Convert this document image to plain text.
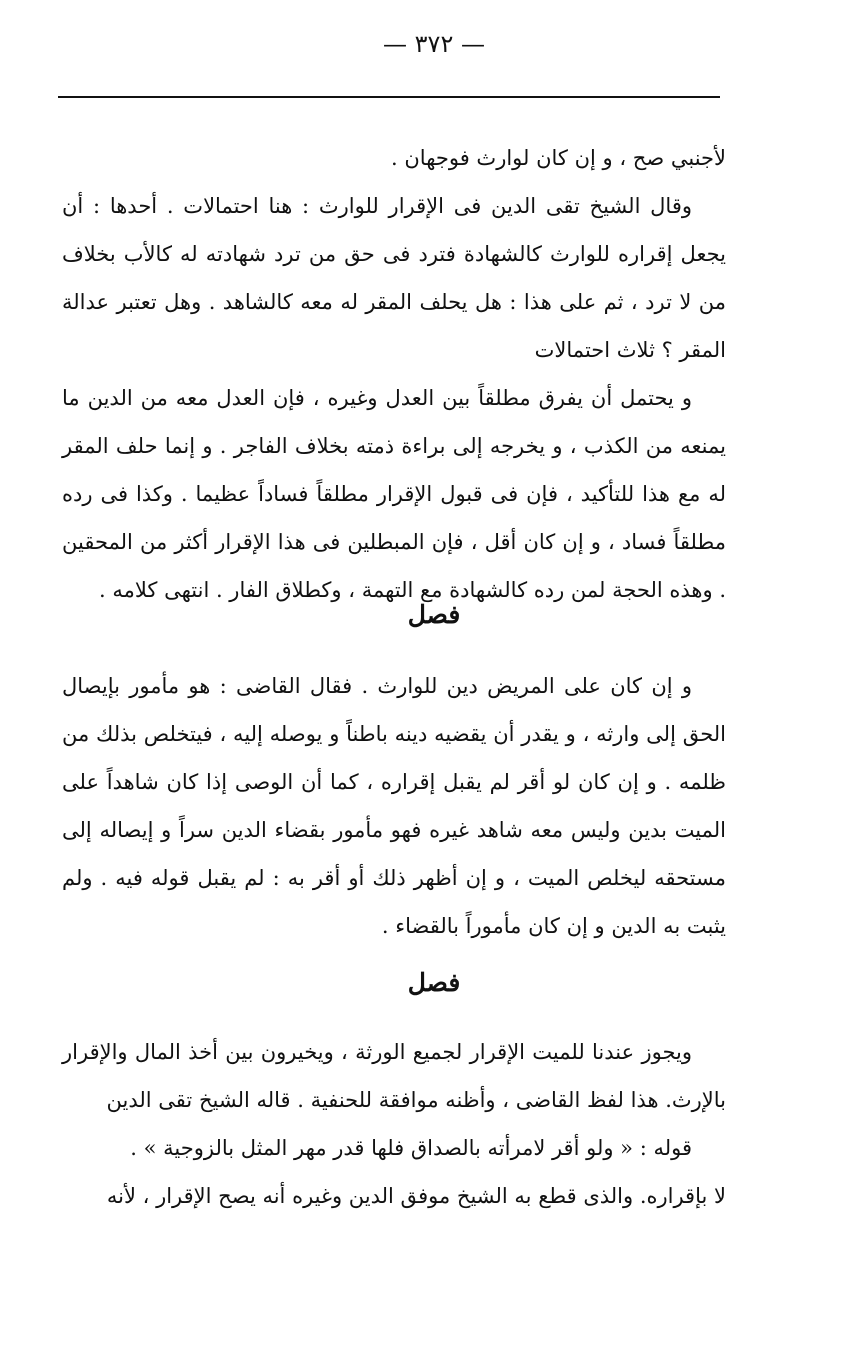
— ٣٧٢ —

لأجنبي صح ، و إن كان لوارث فوجهان .

وقال الشيخ تقى الدين فى الإقرار للوارث : هنا احتمالات . أحدها : أن يجعل إقراره للوارث كالشهادة فترد فى حق من ترد شهادته له كالأب بخلاف من لا ترد ، ثم على هذا : هل يحلف المقر له معه كالشاهد . وهل تعتبر عدالة المقر ؟ ثلاث احتمالات

و يحتمل أن يفرق مطلقاً بين العدل وغيره ، فإن العدل معه من الدين ما يمنعه من الكذب ، و يخرجه إلى براءة ذمته بخلاف الفاجر . و إنما حلف المقر له مع هذا للتأكيد ، فإن فى قبول الإقرار مطلقاً فساداً عظيما . وكذا فى رده مطلقاً فساد ، و إن كان أقل ، فإن المبطلين فى هذا الإقرار أكثر من المحقين . وهذه الحجة لمن رده كالشهادة مع التهمة ، وكطلاق الفار . انتهى كلامه .

فصل

و إن كان على المريض دين للوارث . فقال القاضى : هو مأمور بإيصال الحق إلى وارثه ، و يقدر أن يقضيه دينه باطناً و يوصله إليه ، فيتخلص بذلك من ظلمه . و إن كان لو أقر لم يقبل إقراره ، كما أن الوصى إذا كان شاهداً على الميت بدين وليس معه شاهد غيره فهو مأمور بقضاء الدين سراً و إيصاله إلى مستحقه ليخلص الميت ، و إن أظهر ذلك أو أقر به : لم يقبل قوله فيه . ولم يثبت به الدين و إن كان مأموراً بالقضاء .

فصل

ويجوز عندنا للميت الإقرار لجميع الورثة ، ويخيرون بين أخذ المال والإقرار بالإرث. هذا لفظ القاضى ، وأظنه موافقة للحنفية . قاله الشيخ تقى الدين

قوله : « ولو أقر لامرأته بالصداق فلها قدر مهر المثل بالزوجية » .

لا بإقراره. والذى قطع به الشيخ موفق الدين وغيره أنه يصح الإقرار ، لأنه
